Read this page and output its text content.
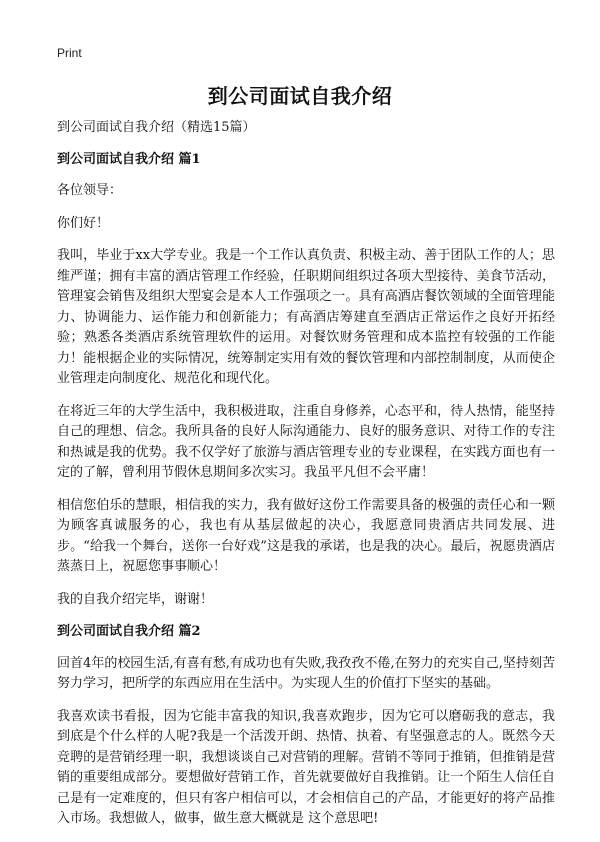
Print
到公司面试自我介绍

到公司面试自我介绍（精选15篇）

到公司面试自我介绍 篇1

各位领导：

你们好！

我叫，毕业于xx大学专业。我是一个工作认真负责、积极主动、善于团队工作的人；思维严谨；拥有丰富的酒店管理工作经验，任职期间组织过各项大型接待、美食节活动，管理宴会销售及组织大型宴会是本人工作强项之一。具有高酒店餐饮领域的全面管理能力、协调能力、运作能力和创新能力；有高酒店筹建直至酒店正常运作之良好开拓经验；熟悉各类酒店系统管理软件的运用。对餐饮财务管理和成本监控有较强的工作能力！能根据企业的实际情况，统筹制定实用有效的餐饮管理和内部控制制度，从而使企业管理走向制度化、规范化和现代化。

在将近三年的大学生活中，我积极进取，注重自身修养，心态平和，待人热情，能坚持自己的理想、信念。我所具备的良好人际沟通能力、良好的服务意识、对待工作的专注和热诚是我的优势。我不仅学好了旅游与酒店管理专业的专业课程，在实践方面也有一定的了解，曾利用节假休息期间多次实习。我虽平凡但不会平庸！

相信您伯乐的慧眼，相信我的实力，我有做好这份工作需要具备的极强的责任心和一颗为顾客真诚服务的心，我也有从基层做起的决心，我愿意同贵酒店共同发展、进步。“给我一个舞台，送你一台好戏”这是我的承诺，也是我的决心。最后，祝愿贵酒店蒸蒸日上，祝愿您事事顺心！

我的自我介绍完毕，谢谢！

到公司面试自我介绍 篇2

回首4年的校园生活,有喜有愁,有成功也有失败,我孜孜不倦,在努力的充实自己,坚持刻苦努力学习，把所学的东西应用在生活中。为实现人生的价值打下坚实的基础。

我喜欢读书看报，因为它能丰富我的知识,我喜欢跑步，因为它可以磨砺我的意志，我到底是个什么样的人呢?我是一个活泼开朗、热情、执着、有坚强意志的人。既然今天竞聘的是营销经理一职，我想谈谈自己对营销的理解。营销不等同于推销，但推销是营销的重要组成部分。要想做好营销工作，首先就要做好自我推销。让一个陌生人信任自己是有一定难度的，但只有客户相信可以，才会相信自己的产品，才能更好的将产品推入市场。我想做人，做事，做生意大概就是 这个意思吧!
